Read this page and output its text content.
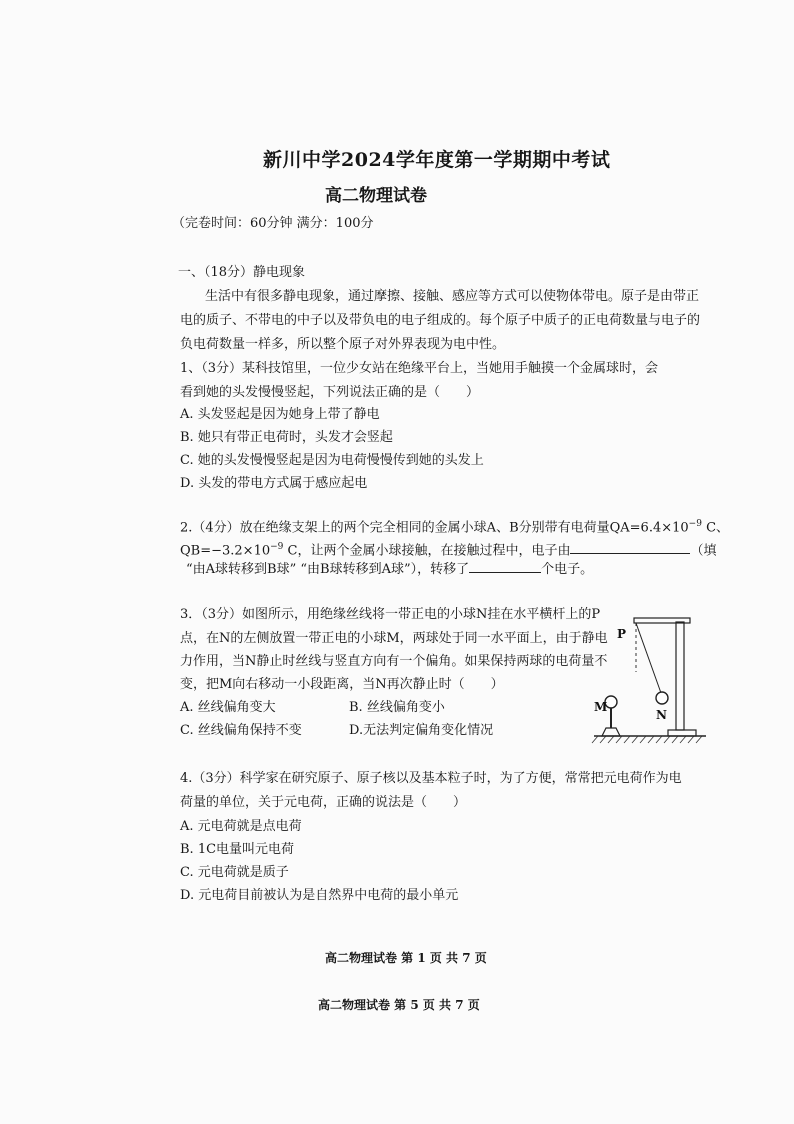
新川中学2024学年度第一学期期中考试
高二物理试卷
（完卷时间：60分钟 满分：100分
一、（18分）静电现象
生活中有很多静电现象，通过摩擦、接触、感应等方式可以使物体带电。原子是由带正
电的质子、不带电的中子以及带负电的电子组成的。每个原子中质子的正电荷数量与电子的
负电荷数量一样多，所以整个原子对外界表现为电中性。
1、（3分）某科技馆里，一位少女站在绝缘平台上，当她用手触摸一个金属球时，会
看到她的头发慢慢竖起，下列说法正确的是（　　）
A. 头发竖起是因为她身上带了静电
B. 她只有带正电荷时，头发才会竖起
C. 她的头发慢慢竖起是因为电荷慢慢传到她的头发上
D. 头发的带电方式属于感应起电
2.（4分）放在绝缘支架上的两个完全相同的金属小球A、B分别带有电荷量$QA=6.4\times 10^{-9}$ C、
$QB=-3.2\times 10^{-9}$ C，让两个金属小球接触，在接触过程中，电子由	（填
“由A球转移到B球” “由B球转移到A球”），转移了	个电子。
3．（3分）如图所示，用绝缘丝线将一带正电的小球N挂在水平横杆上的P
点，在N的左侧放置一带正电的小球M，两球处于同一水平面上，由于静电
力作用，当N静止时丝线与竖直方向有一个偏角。如果保持两球的电荷量不
变，把M向右移动一小段距离，当N再次静止时（　　）
A. 丝线偏角变大	B. 丝线偏角变小
C. 丝线偏角保持不变	D.无法判定偏角变化情况
P
M
N
4.（3分）科学家在研究原子、原子核以及基本粒子时，为了方便，常常把元电荷作为电
荷量的单位，关于元电荷，正确的说法是（　　）
A. 元电荷就是点电荷
B. 1C电量叫元电荷
C. 元电荷就是质子
D. 元电荷目前被认为是自然界中电荷的最小单元
高二物理试卷 第 1 页 共 7 页
高二物理试卷 第 5 页 共 7 页
